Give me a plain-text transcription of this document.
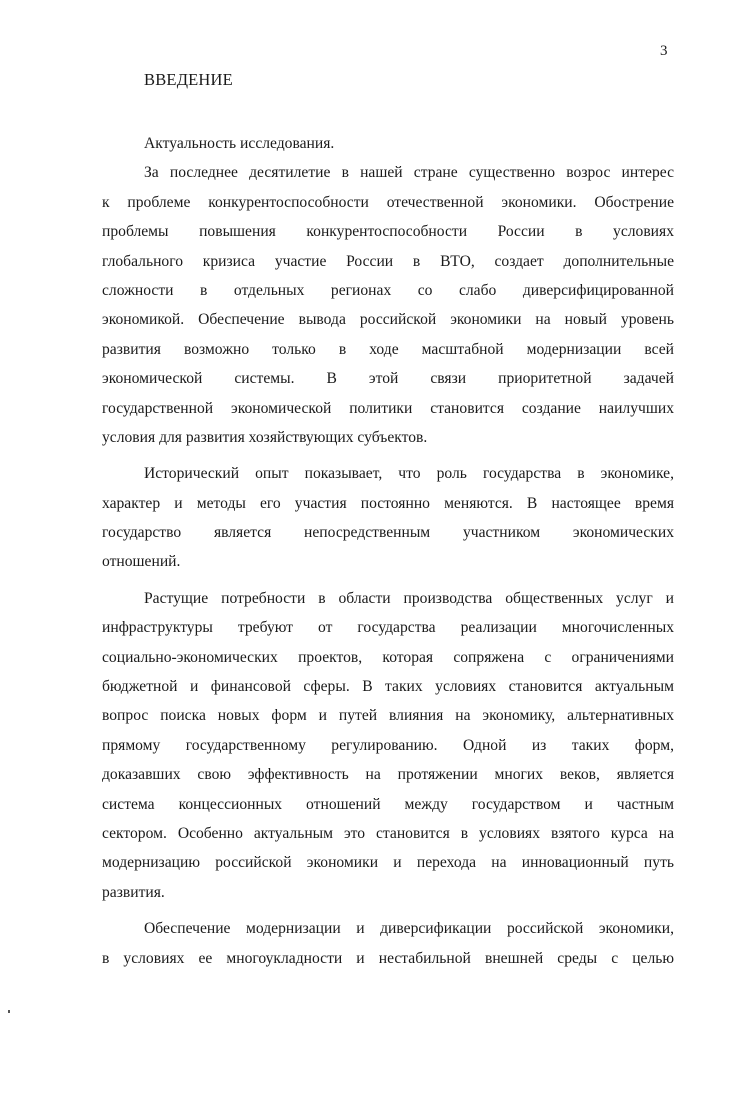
3
ВВЕДЕНИЕ
Актуальность исследования.
За последнее десятилетие в нашей стране существенно возрос интерес
к проблеме конкурентоспособности отечественной экономики. Обострение
проблемы повышения конкурентоспособности России в условиях
глобального кризиса участие России в ВТО, создает дополнительные
сложности в отдельных регионах со слабо диверсифицированной
экономикой. Обеспечение вывода российской экономики на новый уровень
развития возможно только в ходе масштабной модернизации всей
экономической системы. В этой связи приоритетной задачей
государственной экономической политики становится создание наилучших
условия для развития хозяйствующих субъектов.
Исторический опыт показывает, что роль государства в экономике,
характер и методы его участия постоянно меняются. В настоящее время
государство является непосредственным участником экономических
отношений.
Растущие потребности в области производства общественных услуг и
инфраструктуры требуют от государства реализации многочисленных
социально-экономических проектов, которая сопряжена с ограничениями
бюджетной и финансовой сферы. В таких условиях становится актуальным
вопрос поиска новых форм и путей влияния на экономику, альтернативных
прямому государственному регулированию. Одной из таких форм,
доказавших свою эффективность на протяжении многих веков, является
система концессионных отношений между государством и частным
сектором. Особенно актуальным это становится в условиях взятого курса на
модернизацию российской экономики и перехода на инновационный путь
развития.
Обеспечение модернизации и диверсификации российской экономики,
в условиях ее многоукладности и нестабильной внешней среды с целью
